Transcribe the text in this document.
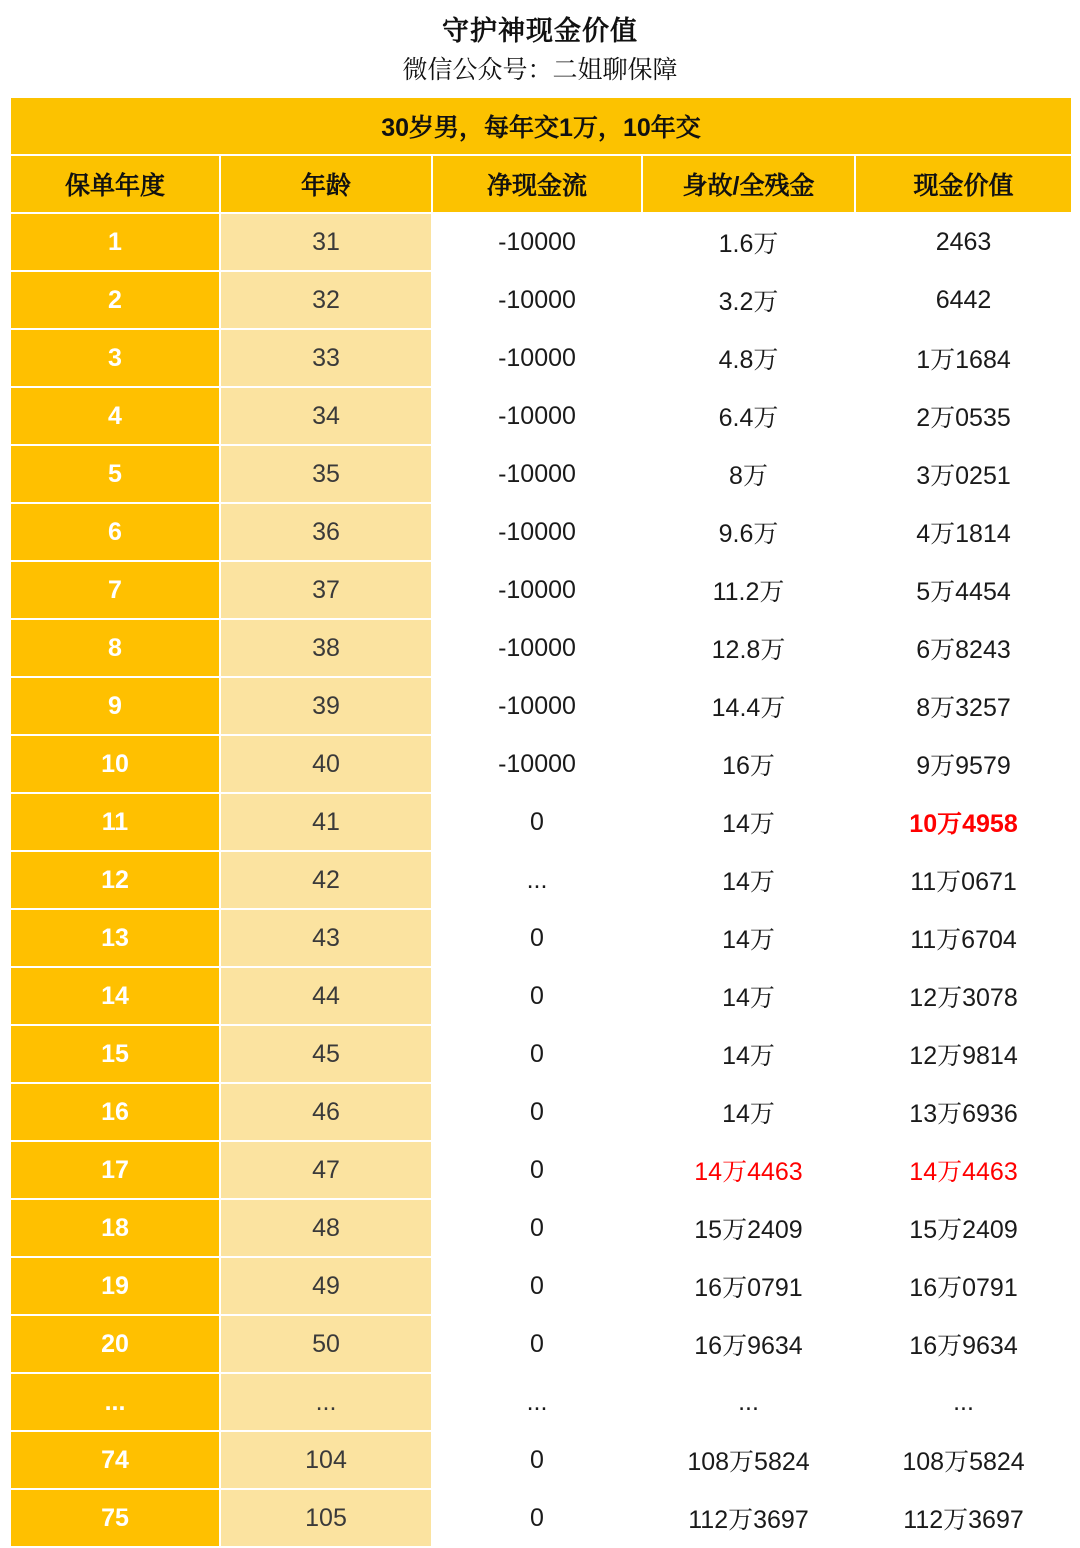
守护神现金价值
微信公众号：二姐聊保障
30岁男，每年交1万，10年交				
保单年度	年龄	净现金流	身故/全残金	现金价值
1	31	-10000	1.6万	2463
2	32	-10000	3.2万	6442
3	33	-10000	4.8万	1万1684
4	34	-10000	6.4万	2万0535
5	35	-10000	8万	3万0251
6	36	-10000	9.6万	4万1814
7	37	-10000	11.2万	5万4454
8	38	-10000	12.8万	6万8243
9	39	-10000	14.4万	8万3257
10	40	-10000	16万	9万9579
11	41	0	14万	10万4958
12	42	...	14万	11万0671
13	43	0	14万	11万6704
14	44	0	14万	12万3078
15	45	0	14万	12万9814
16	46	0	14万	13万6936
17	47	0	14万4463	14万4463
18	48	0	15万2409	15万2409
19	49	0	16万0791	16万0791
20	50	0	16万9634	16万9634
...	...	...	...	...
74	104	0	108万5824	108万5824
75	105	0	112万3697	112万3697
